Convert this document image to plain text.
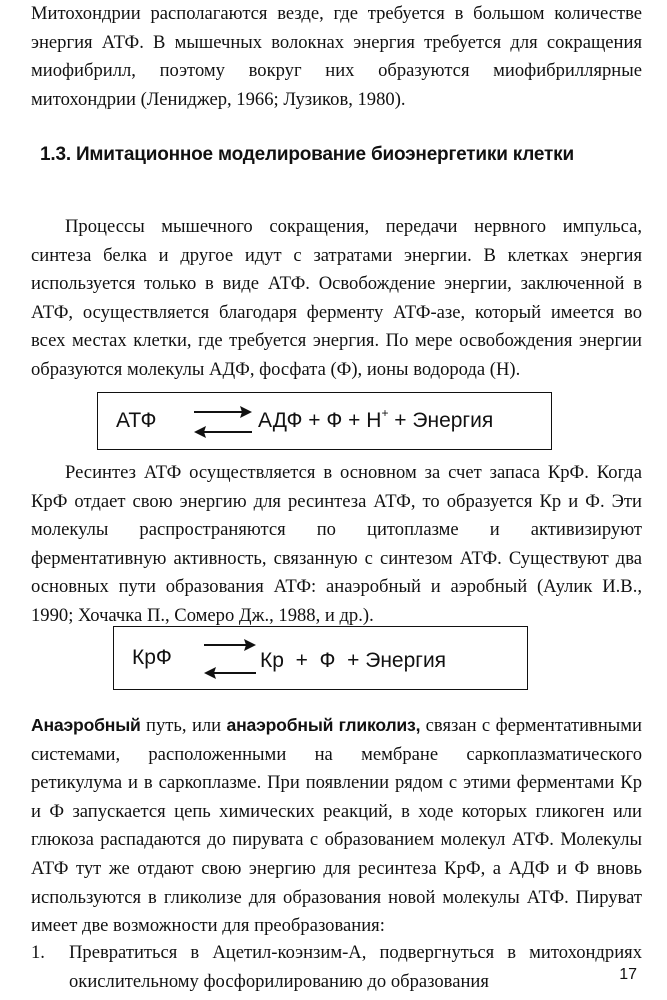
Митохондрии располагаются везде, где требуется в большом количестве энергия АТФ. В мышечных волокнах энергия требуется для сокращения миофибрилл, поэтому вокруг них образуются миофибриллярные митохондрии (Лениджер, 1966; Лузиков, 1980).

1.3. Имитационное моделирование биоэнергетики клетки

Процессы мышечного сокращения, передачи нервного импульса, синтеза белка и другое идут с затратами энергии. В клетках энергия используется только в виде АТФ. Освобождение энергии, заключенной в АТФ, осуществляется благодаря ферменту АТФ-азе, который имеется во всех местах клетки, где требуется энергия. По мере освобождения энергии образуются молекулы АДФ, фосфата (Ф), ионы водорода (Н).

АТФ ⇌ АДФ + Ф + Н+ + Энергия

Ресинтез АТФ осуществляется в основном за счет запаса КрФ. Когда КрФ отдает свою энергию для ресинтеза АТФ, то образуется Кр и Ф. Эти молекулы распространяются по цитоплазме и активизируют ферментативную активность, связанную с синтезом АТФ. Существуют два основных пути образования АТФ: анаэробный и аэробный (Аулик И.В., 1990; Хочачка П., Сомеро Дж., 1988, и др.).

КрФ ⇌ Кр  +  Ф  + Энергия

Анаэробный путь, или анаэробный гликолиз, связан с ферментативными системами, расположенными на мембране саркоплазматического ретикулума и в саркоплазме. При появлении рядом с этими ферментами Кр и Ф запускается цепь химических реакций, в ходе которых гликоген или глюкоза распадаются до пирувата с образованием молекул АТФ. Молекулы АТФ тут же отдают свою энергию для ресинтеза КрФ, а АДФ и Ф вновь используются в гликолизе для образования новой молекулы АТФ. Пируват имеет две возможности для преобразования:

1. Превратиться в Ацетил-коэнзим-А, подвергнуться в митохондриях окислительному фосфорилированию до образования	17
